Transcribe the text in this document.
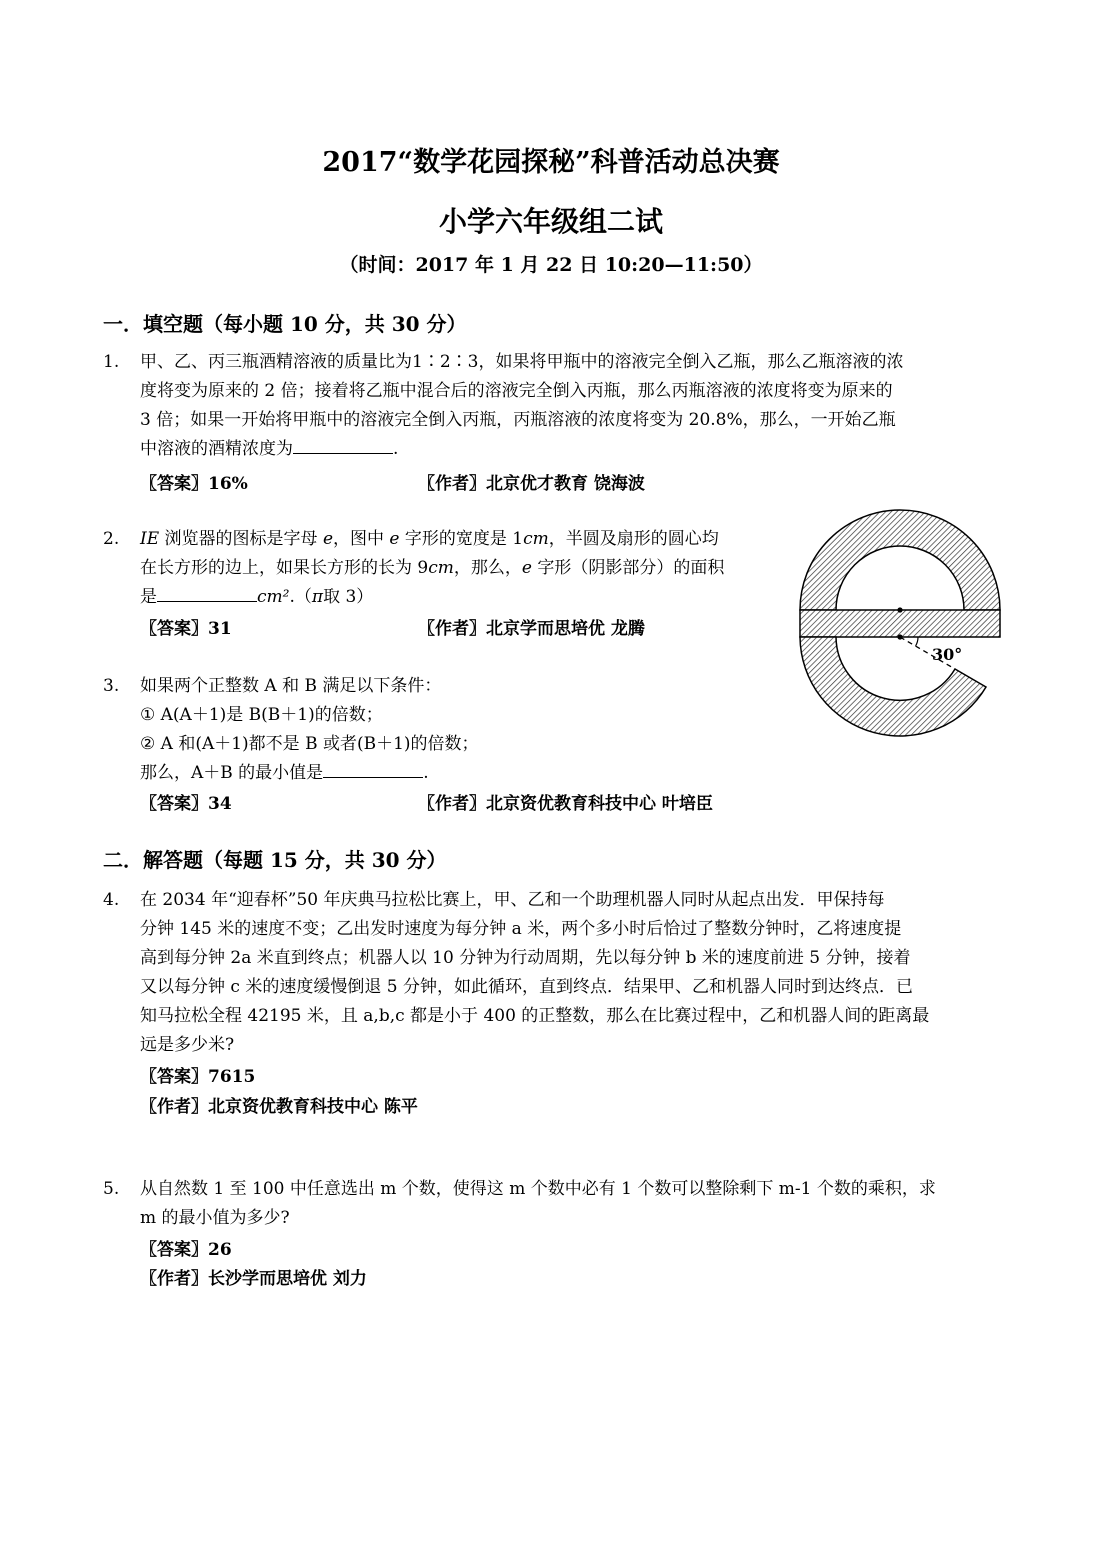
2017“数学花园探秘”科普活动总决赛
小学六年级组二试
（时间：2017 年 1 月 22 日 10:20—11:50）
一．填空题（每小题 10 分，共 30 分）
1. 甲、乙、丙三瓶酒精溶液的质量比为1∶2∶3，如果将甲瓶中的溶液完全倒入乙瓶，那么乙瓶溶液的浓
度将变为原来的 2 倍；接着将乙瓶中混合后的溶液完全倒入丙瓶，那么丙瓶溶液的浓度将变为原来的
3 倍；如果一开始将甲瓶中的溶液完全倒入丙瓶，丙瓶溶液的浓度将变为 20.8%，那么，一开始乙瓶
中溶液的酒精浓度为	.
〖答案〗16%	〖作者〗北京优才教育 饶海波
2. IE 浏览器的图标是字母 e，图中 e 字形的宽度是 1cm，半圆及扇形的圆心均
在长方形的边上，如果长方形的长为 9cm，那么，e 字形（阴影部分）的面积
是	cm².（π取 3）
〖答案〗31	〖作者〗北京学而思培优 龙腾
30°
3. 如果两个正整数 A 和 B 满足以下条件：
① A(A＋1)是 B(B＋1)的倍数；
② A 和(A＋1)都不是 B 或者(B＋1)的倍数；
那么，A＋B 的最小值是	.
〖答案〗34	〖作者〗北京资优教育科技中心 叶培臣
二．解答题（每题 15 分，共 30 分）
4. 在 2034 年“迎春杯”50 年庆典马拉松比赛上，甲、乙和一个助理机器人同时从起点出发．甲保持每
分钟 145 米的速度不变；乙出发时速度为每分钟 a 米，两个多小时后恰过了整数分钟时，乙将速度提
高到每分钟 2a 米直到终点；机器人以 10 分钟为行动周期，先以每分钟 b 米的速度前进 5 分钟，接着
又以每分钟 c 米的速度缓慢倒退 5 分钟，如此循环，直到终点．结果甲、乙和机器人同时到达终点．已
知马拉松全程 42195 米，且 a,b,c 都是小于 400 的正整数，那么在比赛过程中，乙和机器人间的距离最
远是多少米?
〖答案〗7615
〖作者〗北京资优教育科技中心 陈平
5. 从自然数 1 至 100 中任意选出 m 个数，使得这 m 个数中必有 1 个数可以整除剩下 m-1 个数的乘积，求
m 的最小值为多少?
〖答案〗26
〖作者〗长沙学而思培优 刘力
